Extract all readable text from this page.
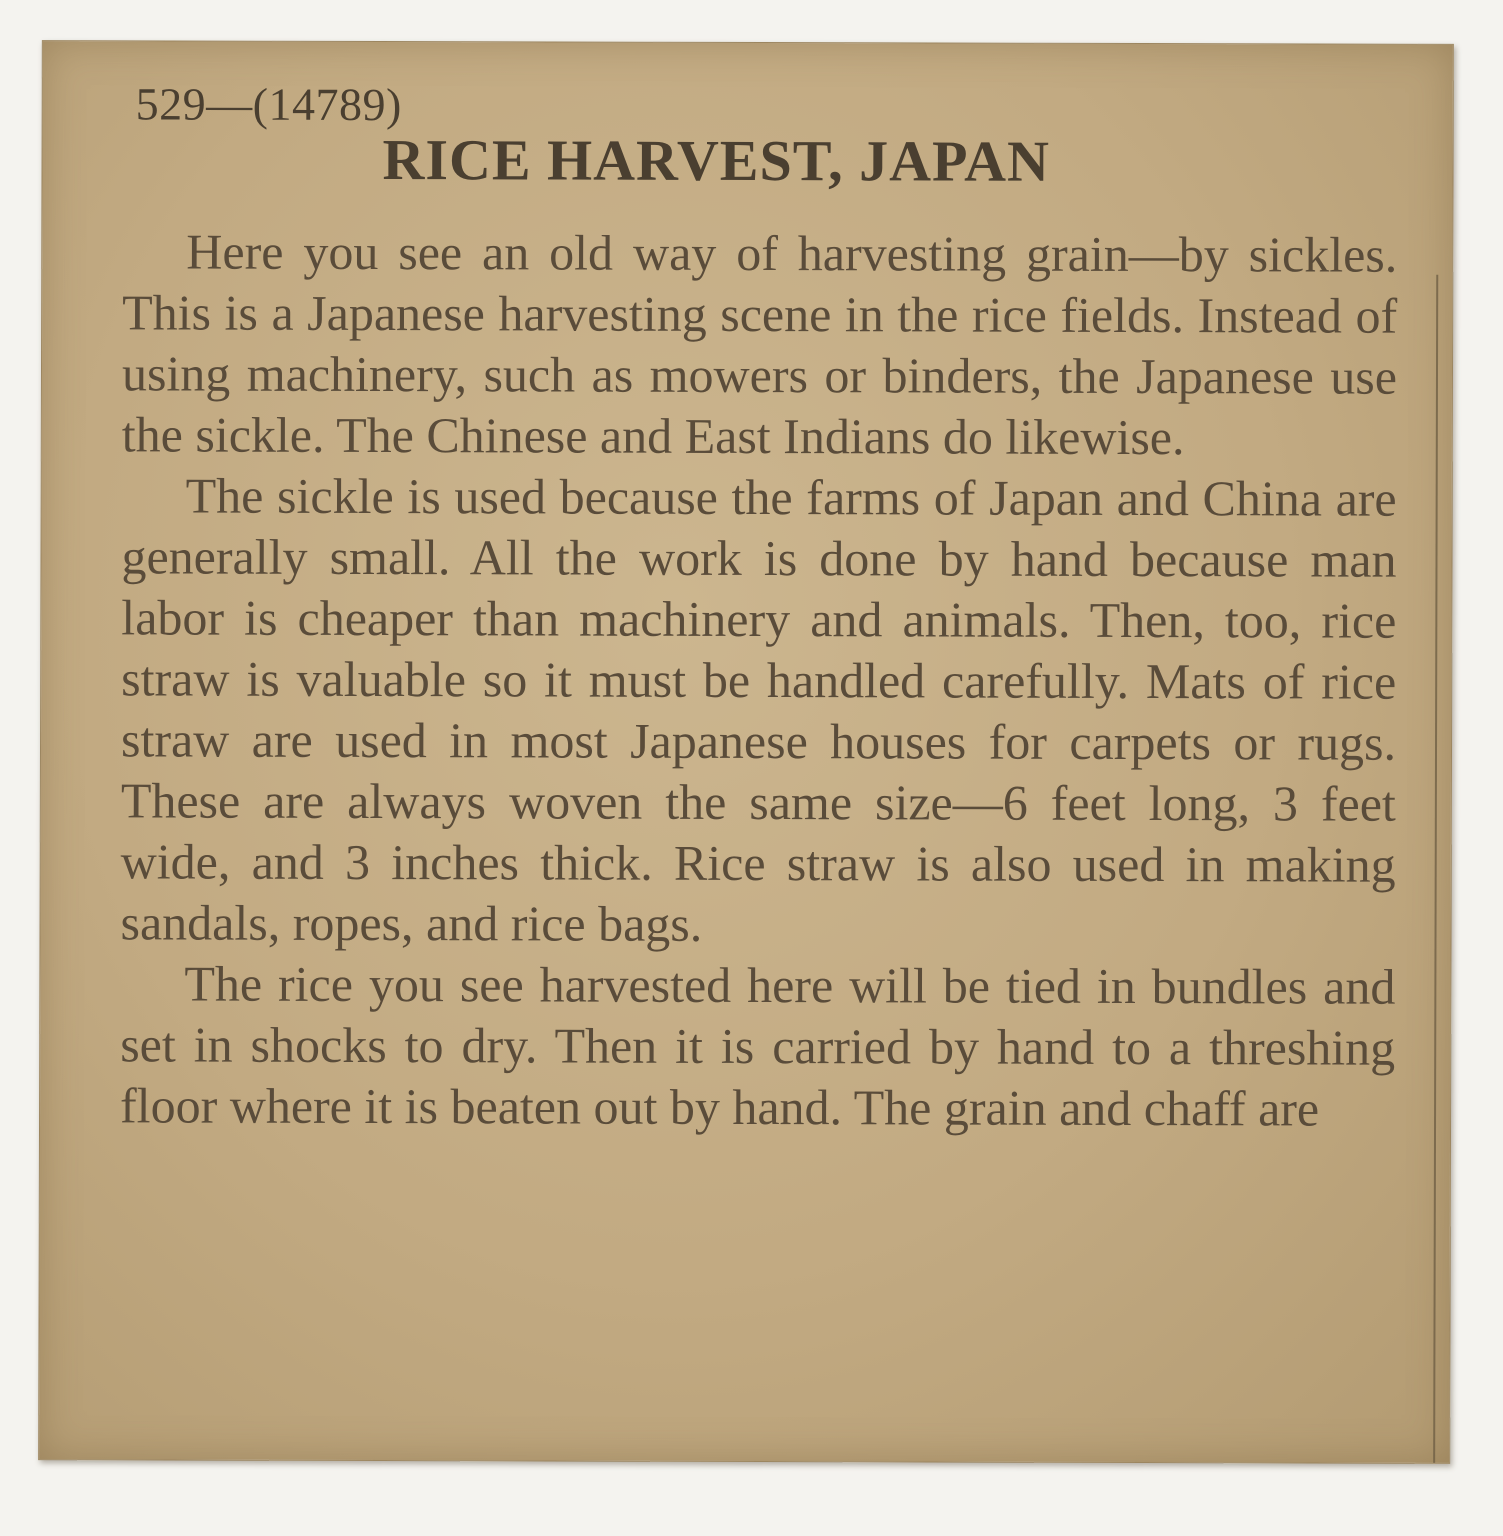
529—(14789)
RICE HARVEST, JAPAN

Here you see an old way of harvesting grain—by sickles. This is a Japanese harvesting scene in the rice fields. Instead of using machinery, such as mowers or binders, the Japanese use the sickle. The Chinese and East Indians do likewise.

The sickle is used because the farms of Japan and China are generally small. All the work is done by hand because man labor is cheaper than machinery and animals. Then, too, rice straw is valuable so it must be handled carefully. Mats of rice straw are used in most Japanese houses for carpets or rugs. These are always woven the same size—6 feet long, 3 feet wide, and 3 inches thick. Rice straw is also used in making sandals, ropes, and rice bags.

The rice you see harvested here will be tied in bundles and set in shocks to dry. Then it is carried by hand to a threshing floor where it is beaten out by hand. The grain and chaff are
